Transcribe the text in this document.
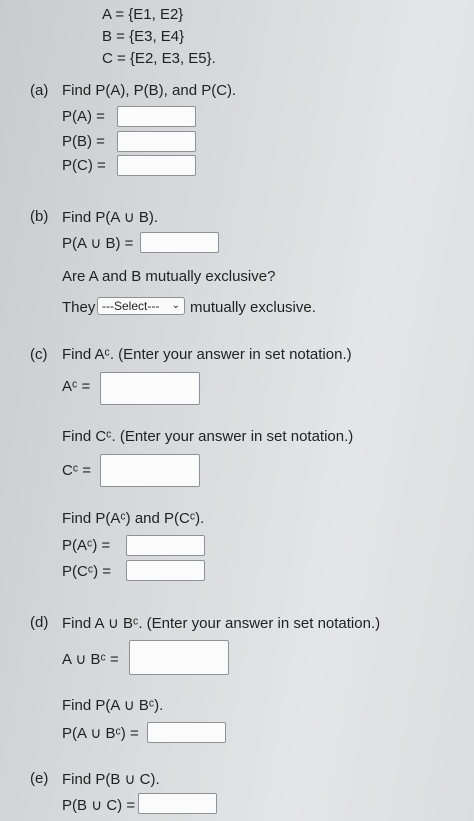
A = {E1, E2}
B = {E3, E4}
C = {E2, E3, E5}.
(a) Find P(A), P(B), and P(C).
P(A) =
P(B) =
P(C) =
(b) Find P(A ∪ B).
P(A ∪ B) =
Are A and B mutually exclusive?
They ---Select--- ⌄ mutually exclusive.
(c) Find Aᶜ. (Enter your answer in set notation.)
Aᶜ =
Find Cᶜ. (Enter your answer in set notation.)
Cᶜ =
Find P(Aᶜ) and P(Cᶜ).
P(Aᶜ) =
P(Cᶜ) =
(d) Find A ∪ Bᶜ. (Enter your answer in set notation.)
A ∪ Bᶜ =
Find P(A ∪ Bᶜ).
P(A ∪ Bᶜ) =
(e) Find P(B ∪ C).
P(B ∪ C) =
